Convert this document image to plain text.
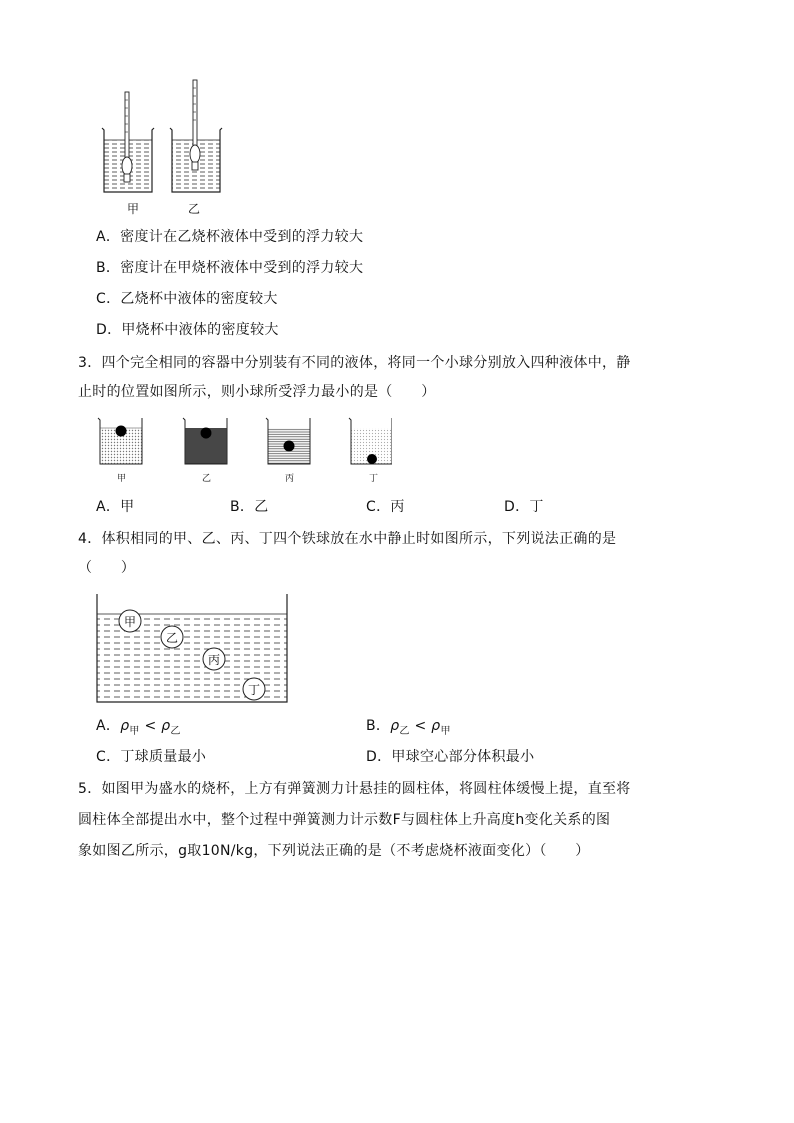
甲	乙
A．密度计在乙烧杯液体中受到的浮力较大
B．密度计在甲烧杯液体中受到的浮力较大
C．乙烧杯中液体的密度较大
D．甲烧杯中液体的密度较大
3．四个完全相同的容器中分别装有不同的液体，将同一个小球分别放入四种液体中，静
止时的位置如图所示，则小球所受浮力最小的是（　　）
甲	乙	丙	丁
A．甲	B．乙	C．丙	D．丁
4．体积相同的甲、乙、丙、丁四个铁球放在水中静止时如图所示，下列说法正确的是
（　　）
甲
乙
丙
丁
A．$\rho_甲 < \rho_乙$	B．$\rho_乙 < \rho_甲$
C．丁球质量最小	D．甲球空心部分体积最小
5．如图甲为盛水的烧杯，上方有弹簧测力计悬挂的圆柱体，将圆柱体缓慢上提，直至将
圆柱体全部提出水中，整个过程中弹簧测力计示数F与圆柱体上升高度h变化关系的图
象如图乙所示，g取10N/kg，下列说法正确的是（不考虑烧杯液面变化）（　　）
